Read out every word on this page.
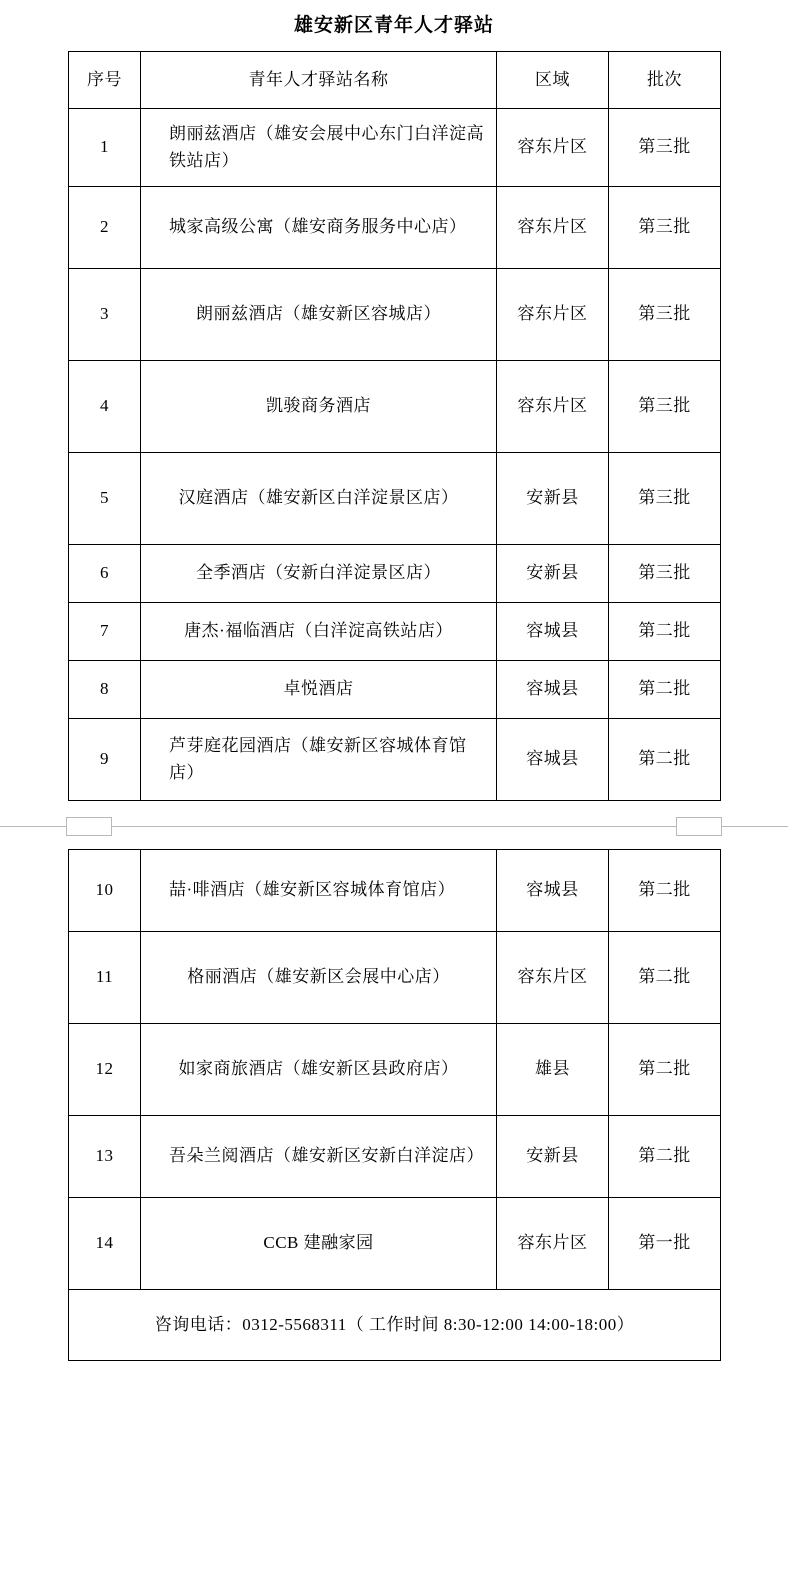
雄安新区青年人才驿站
序号	青年人才驿站名称	区域	批次
1	朗丽兹酒店（雄安会展中心东门白洋淀高铁站店）	容东片区	第三批
2	城家高级公寓（雄安商务服务中心店）	容东片区	第三批
3	朗丽兹酒店（雄安新区容城店）	容东片区	第三批
4	凯骏商务酒店	容东片区	第三批
5	汉庭酒店（雄安新区白洋淀景区店）	安新县	第三批
6	全季酒店（安新白洋淀景区店）	安新县	第三批
7	唐杰·福临酒店（白洋淀高铁站店）	容城县	第二批
8	卓悦酒店	容城县	第二批
9	芦芽庭花园酒店（雄安新区容城体育馆店）	容城县	第二批
10	喆·啡酒店（雄安新区容城体育馆店）	容城县	第二批
11	格丽酒店（雄安新区会展中心店）	容东片区	第二批
12	如家商旅酒店（雄安新区县政府店）	雄县	第二批
13	吾朵兰阅酒店（雄安新区安新白洋淀店）	安新县	第二批
14	CCB 建融家园	容东片区	第一批
咨询电话：0312-5568311（ 工作时间 8:30-12:00 14:00-18:00）			
